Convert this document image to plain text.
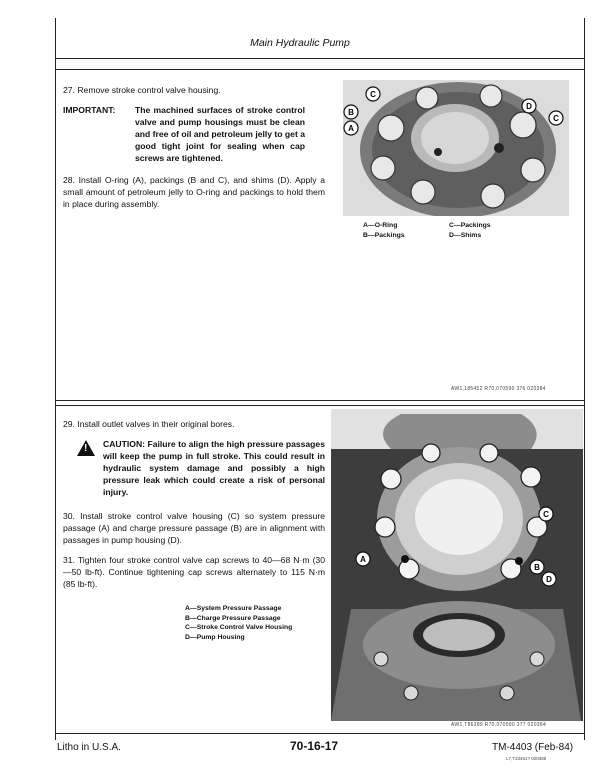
Main Hydraulic Pump

27. Remove stroke control valve housing.

IMPORTANT: The machined surfaces of stroke control valve and pump housings must be clean and free of oil and petroleum jelly to get a good tight joint for sealing when cap screws are tightened.

28. Install O-ring (A), packings (B and C), and shims (D). Apply a small amount of petroleum jelly to O-ring and packings to hold them in place during assembly.

C
B
A
D
C
A—O-Ring
B—Packings
C—Packings
D—Shims
AW1,185452 R70,070590 376 020384

29. Install outlet valves in their original bores.

! CAUTION: Failure to align the high pressure passages will keep the pump in full stroke. This could result in hydraulic system damage and possibly a high pressure leak which could create a risk of personal injury.

30. Install stroke control valve housing (C) so system pressure passage (A) and charge pressure passage (B) are in alignment with passages in pump housing (D).

31. Tighten four stroke control valve cap screws to 40—68 N·m (30—50 lb-ft). Continue tightening cap screws alternately to 115 N·m (85 lb-ft).

A—System Pressure Passage
B—Charge Pressure Passage
C—Stroke Control Valve Housing
D—Pump Housing
C
A
B
D
AW1,T86289 R70,070590 377 020384
Litho in U.S.A.	70-16-17	TM-4403 (Feb-84)
L7,T23461? 020386
